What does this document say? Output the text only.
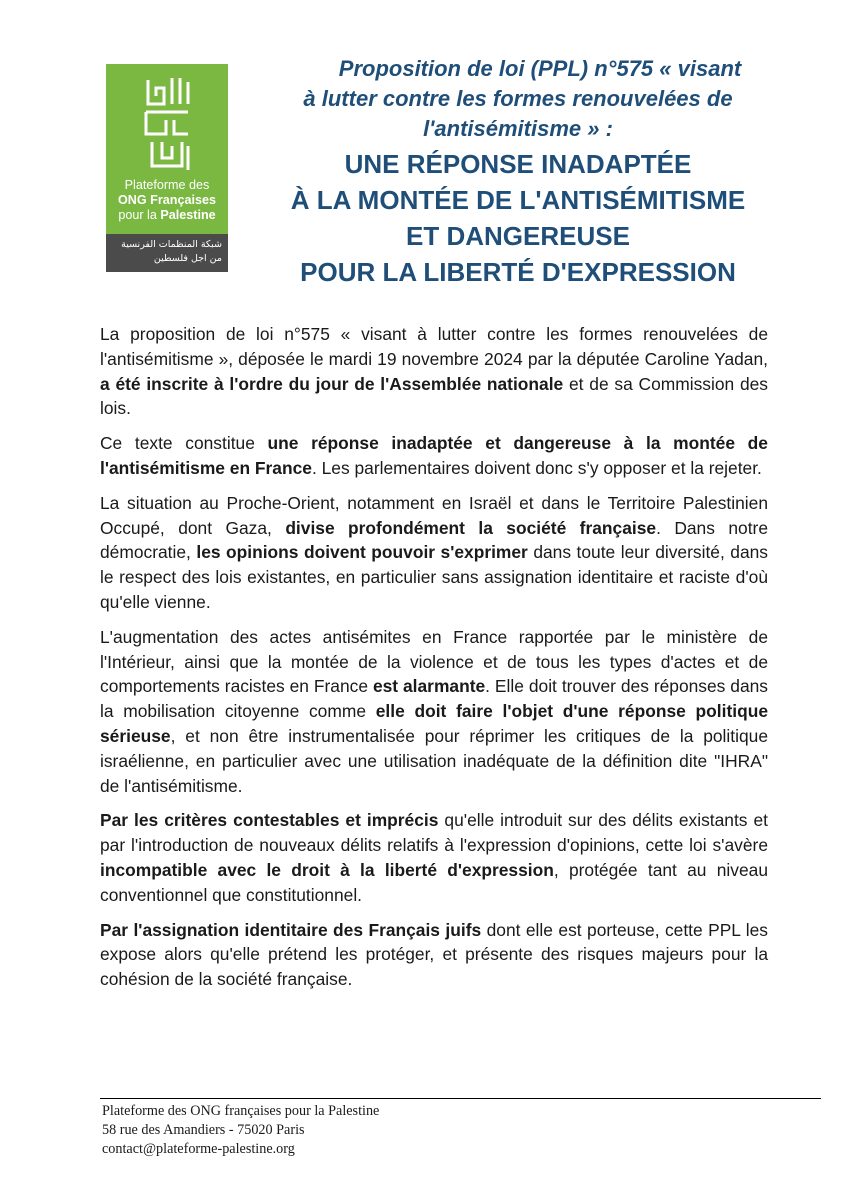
Plateforme des
ONG Françaises
pour la Palestine
شبكة المنظمات الفرنسية
من اجل فلسطين
Proposition de loi (PPL) n°575 « visant
à lutter contre les formes renouvelées de
l'antisémitisme » :
UNE RÉPONSE INADAPTÉE
À LA MONTÉE DE L'ANTISÉMITISME
ET DANGEREUSE
POUR LA LIBERTÉ D'EXPRESSION

La proposition de loi n°575 « visant à lutter contre les formes renouvelées de l'antisémitisme », déposée le mardi 19 novembre 2024 par la députée Caroline Yadan, a été inscrite à l'ordre du jour de l'Assemblée nationale et de sa Commission des lois.

Ce texte constitue une réponse inadaptée et dangereuse à la montée de l'antisémitisme en France. Les parlementaires doivent donc s'y opposer et la rejeter.

La situation au Proche-Orient, notamment en Israël et dans le Territoire Palestinien Occupé, dont Gaza, divise profondément la société française. Dans notre démocratie, les opinions doivent pouvoir s'exprimer dans toute leur diversité, dans le respect des lois existantes, en particulier sans assignation identitaire et raciste d'où qu'elle vienne.

L'augmentation des actes antisémites en France rapportée par le ministère de l'Intérieur, ainsi que la montée de la violence et de tous les types d'actes et de comportements racistes en France est alarmante. Elle doit trouver des réponses dans la mobilisation citoyenne comme elle doit faire l'objet d'une réponse politique sérieuse, et non être instrumentalisée pour réprimer les critiques de la politique israélienne, en particulier avec une utilisation inadéquate de la définition dite "IHRA" de l'antisémitisme.

Par les critères contestables et imprécis qu'elle introduit sur des délits existants et par l'introduction de nouveaux délits relatifs à l'expression d'opinions, cette loi s'avère incompatible avec le droit à la liberté d'expression, protégée tant au niveau conventionnel que constitutionnel.

Par l'assignation identitaire des Français juifs dont elle est porteuse, cette PPL les expose alors qu'elle prétend les protéger, et présente des risques majeurs pour la cohésion de la société française.

Plateforme des ONG françaises pour la Palestine
58 rue des Amandiers - 75020 Paris
contact@plateforme-palestine.org
